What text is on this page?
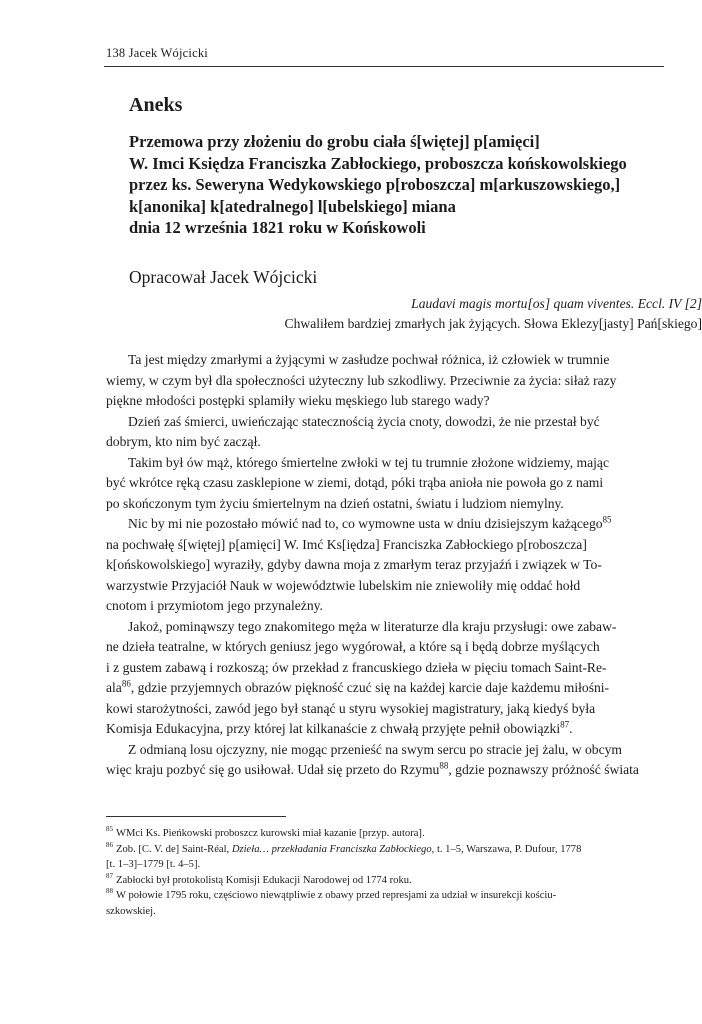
138 Jacek Wójcicki
Aneks
Przemowa przy złożeniu do grobu ciała ś[więtej] p[amięci]
W. Imci Księdza Franciszka Zabłockiego, proboszcza końskowolskiego
przez ks. Seweryna Wedykowskiego p[roboszcza] m[arkuszowskiego,]
k[anonika] k[atedralnego] l[ubelskiego] miana
dnia 12 września 1821 roku w Końskowoli
Opracował Jacek Wójcicki
Laudavi magis mortu[os] quam viventes. Eccl. IV [2]
Chwaliłem bardziej zmarłych jak żyjących. Słowa Eklezy[jasty] Pań[skiego]
Ta jest między zmarłymi a żyjącymi w zasłudze pochwał różnica, iż człowiek w trumnie
wiemy, w czym był dla społeczności użyteczny lub szkodliwy. Przeciwnie za życia: siłaż razy
piękne młodości postępki splamiły wieku męskiego lub starego wady?
Dzień zaś śmierci, uwieńczając statecznością życia cnoty, dowodzi, że nie przestał być
dobrym, kto nim być zaczął.
Takim był ów mąż, którego śmiertelne zwłoki w tej tu trumnie złożone widziemy, mając
być wkrótce ręką czasu zasklepione w ziemi, dotąd, póki trąba anioła nie powoła go z nami
po skończonym tym życiu śmiertelnym na dzień ostatni, światu i ludziom niemylny.
Nic by mi nie pozostało mówić nad to, co wymowne usta w dniu dzisiejszym każącego$^{85}$
na pochwałę ś[więtej] p[amięci] W. Imć Ks[iędza] Franciszka Zabłockiego p[roboszcza]
k[ońskowolskiego] wyraziły, gdyby dawna moja z zmarłym teraz przyjaźń i związek w To-
warzystwie Przyjaciół Nauk w województwie lubelskim nie zniewoliły mię oddać hołd
cnotom i przymiotom jego przynależny.
Jakoż, pominąwszy tego znakomitego męża w literaturze dla kraju przysługi: owe zabaw-
ne dzieła teatralne, w których geniusz jego wygórował, a które są i będą dobrze myślących
i z gustem zabawą i rozkoszą; ów przekład z francuskiego dzieła w pięciu tomach Saint-Re-
ala$^{86}$, gdzie przyjemnych obrazów piękność czuć się na każdej karcie daje każdemu miłośni-
kowi starożytności, zawód jego był stanąć u styru wysokiej magistratury, jaką kiedyś była
Komisja Edukacyjna, przy której lat kilkanaście z chwałą przyjęte pełnił obowiązki$^{87}$.
Z odmianą losu ojczyzny, nie mogąc przenieść na swym sercu po stracie jej żalu, w obcym
więc kraju pozbyć się go usiłował. Udał się przeto do Rzymu$^{88}$, gdzie poznawszy próżność świata
$^{85}$ WMci Ks. Pieńkowski proboszcz kurowski miał kazanie [przyp. autora].
$^{86}$ Zob. [C. V. de] Saint-Réal, Dzieła… przekładania Franciszka Zabłockiego, t. 1–5, Warszawa, P. Dufour, 1778
[t. 1–3]–1779 [t. 4–5].
$^{87}$ Zabłocki był protokolistą Komisji Edukacji Narodowej od 1774 roku.
$^{88}$ W połowie 1795 roku, częściowo niewątpliwie z obawy przed represjami za udział w insurekcji kościu-
szkowskiej.
